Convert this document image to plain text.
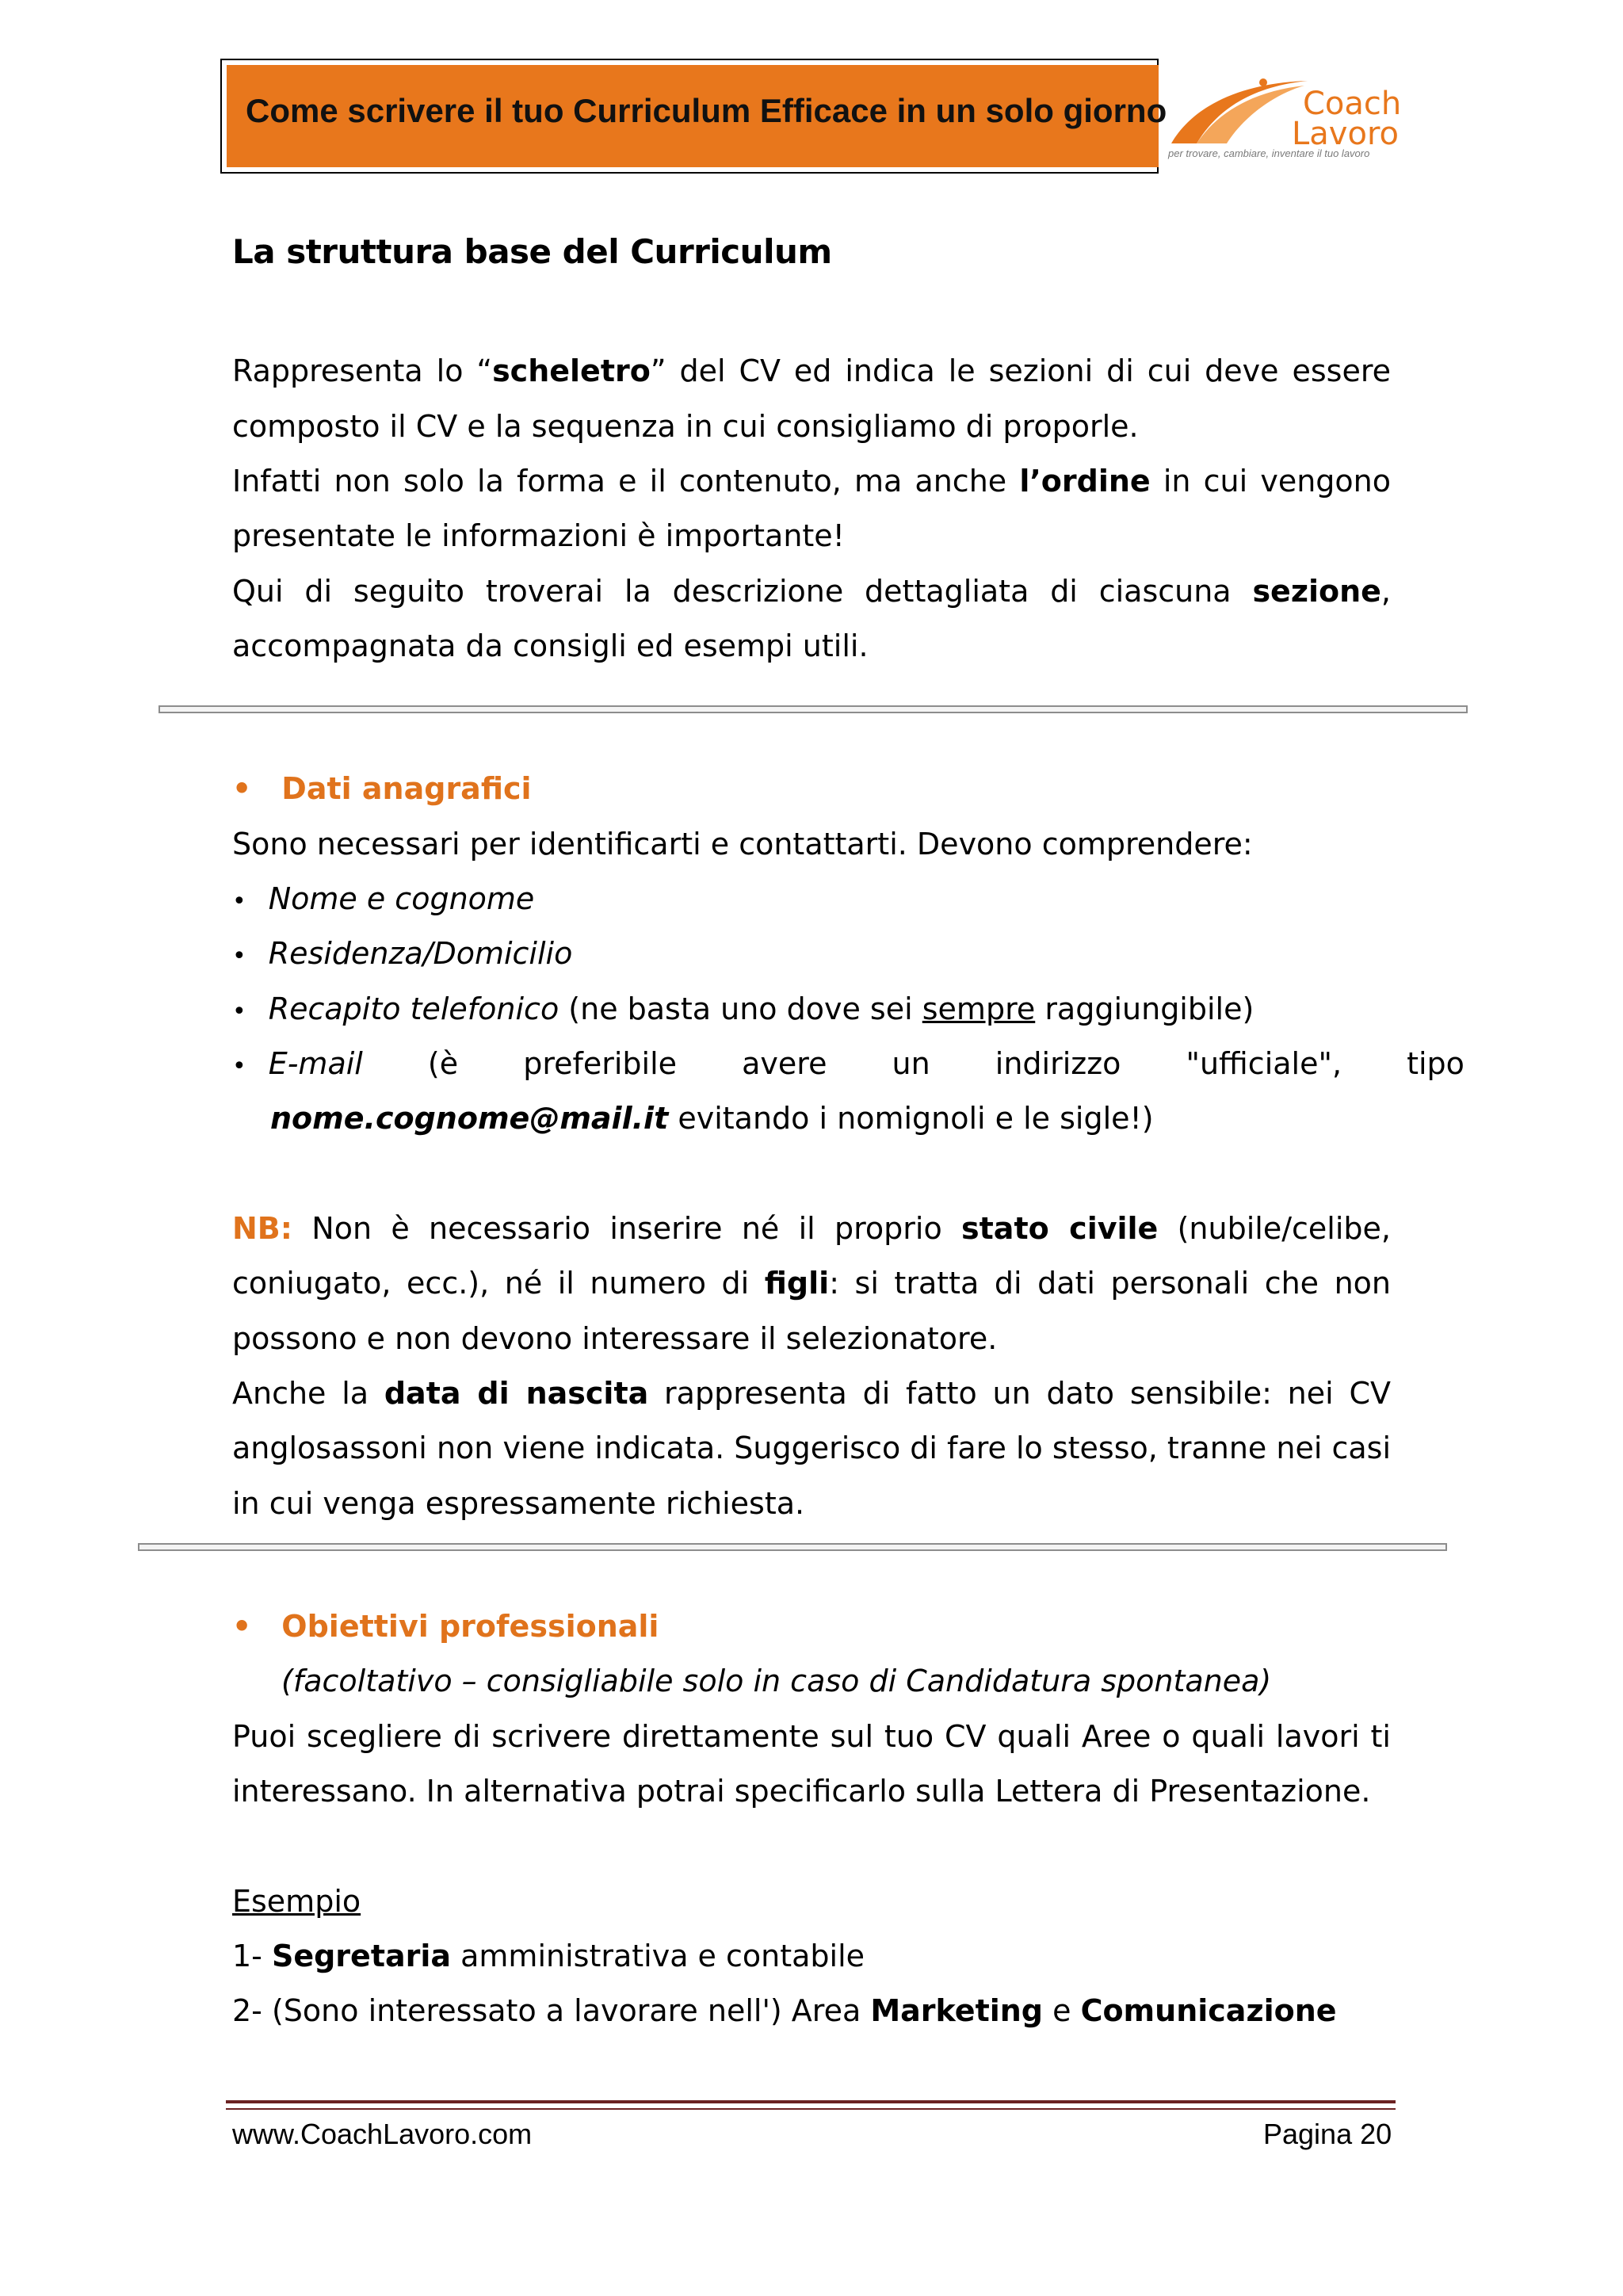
Come scrivere il tuo Curriculum Efficace in un solo giorno	Coach
Lavoro
per trovare, cambiare, inventare il tuo lavoro
La struttura base del Curriculum
Rappresenta lo “scheletro” del CV ed indica le sezioni di cui deve essere
composto il CV e la sequenza in cui consigliamo di proporle.
Infatti non solo la forma e il contenuto, ma anche l’ordine in cui vengono
presentate le informazioni è importante!
Qui di seguito troverai la descrizione dettagliata di ciascuna sezione,
accompagnata da consigli ed esempi utili.
• Dati anagrafici
Sono necessari per identificarti e contattarti. Devono comprendere:
• Nome e cognome
• Residenza/Domicilio
• Recapito telefonico (ne basta uno dove sei sempre raggiungibile)
• E-mail (è preferibile avere un indirizzo "ufficiale", tipo
nome.cognome@mail.it evitando i nomignoli e le sigle!)
NB: Non è necessario inserire né il proprio stato civile (nubile/celibe,
coniugato, ecc.), né il numero di figli: si tratta di dati personali che non
possono e non devono interessare il selezionatore.
Anche la data di nascita rappresenta di fatto un dato sensibile: nei CV
anglosassoni non viene indicata. Suggerisco di fare lo stesso, tranne nei casi
in cui venga espressamente richiesta.
• Obiettivi professionali
(facoltativo – consigliabile solo in caso di Candidatura spontanea)
Puoi scegliere di scrivere direttamente sul tuo CV quali Aree o quali lavori ti
interessano. In alternativa potrai specificarlo sulla Lettera di Presentazione.
Esempio
1- Segretaria amministrativa e contabile
2- (Sono interessato a lavorare nell') Area Marketing e Comunicazione
www.CoachLavoro.com	Pagina 20
